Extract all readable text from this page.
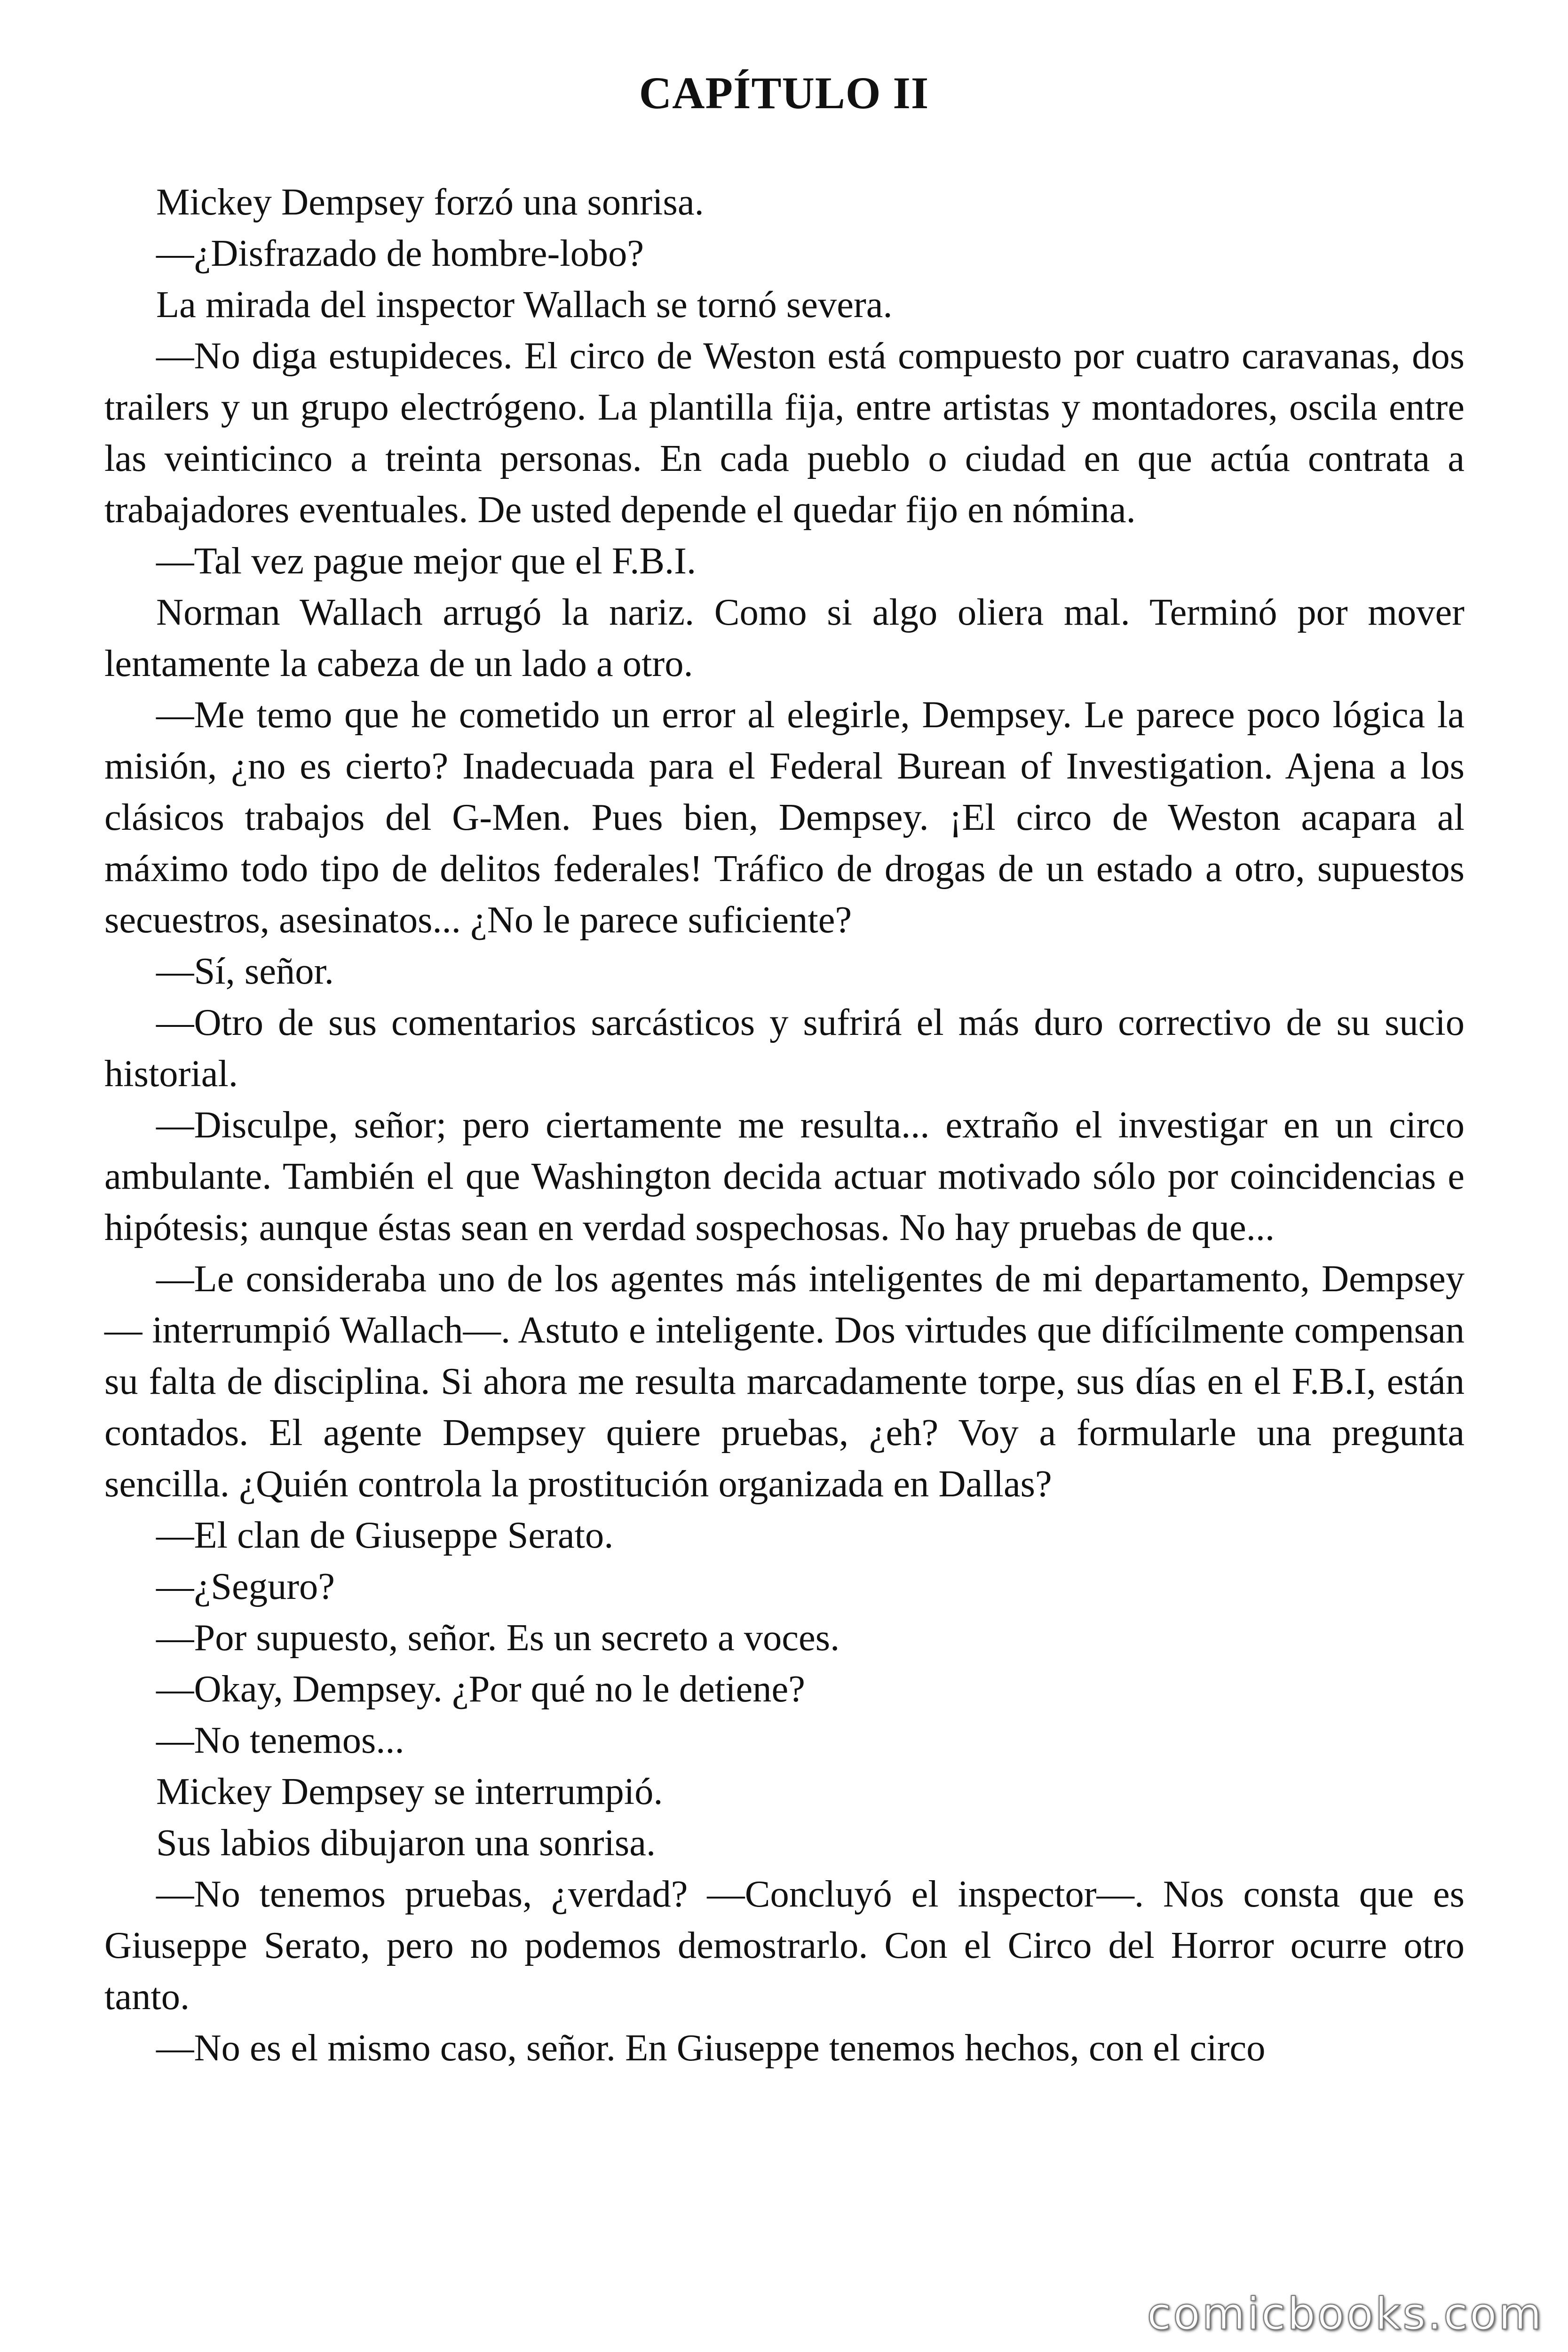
CAPÍTULO II

Mickey Dempsey forzó una sonrisa.

—¿Disfrazado de hombre-lobo?

La mirada del inspector Wallach se tornó severa.

—No diga estupideces. El circo de Weston está compuesto por cuatro caravanas, dos trailers y un grupo electrógeno. La plantilla fija, entre artistas y montadores, oscila entre las veinticinco a treinta personas. En cada pueblo o ciudad en que actúa contrata a trabajadores eventuales. De usted depende el quedar fijo en nómina.

—Tal vez pague mejor que el F.B.I.

Norman Wallach arrugó la nariz. Como si algo oliera mal. Terminó por mover lentamente la cabeza de un lado a otro.

—Me temo que he cometido un error al elegirle, Dempsey. Le parece poco lógica la misión, ¿no es cierto? Inadecuada para el Federal Burean of Investigation. Ajena a los clásicos trabajos del G-Men. Pues bien, Dempsey. ¡El circo de Weston acapara al máximo todo tipo de delitos federales! Tráfico de drogas de un estado a otro, supuestos secuestros, asesinatos... ¿No le parece suficiente?

—Sí, señor.

—Otro de sus comentarios sarcásticos y sufrirá el más duro correctivo de su sucio historial.

—Disculpe, señor; pero ciertamente me resulta... extraño el investigar en un circo ambulante. También el que Washington decida actuar motivado sólo por coincidencias e hipótesis; aunque éstas sean en verdad sospechosas. No hay pruebas de que...

—Le consideraba uno de los agentes más inteligentes de mi departamento, Dempsey — interrumpió Wallach—. Astuto e inteligente. Dos virtudes que difícilmente compensan su falta de disciplina. Si ahora me resulta marcadamente torpe, sus días en el F.B.I, están contados. El agente Dempsey quiere pruebas, ¿eh? Voy a formularle una pregunta sencilla. ¿Quién controla la prostitución organizada en Dallas?

—El clan de Giuseppe Serato.

—¿Seguro?

—Por supuesto, señor. Es un secreto a voces.

—Okay, Dempsey. ¿Por qué no le detiene?

—No tenemos...

Mickey Dempsey se interrumpió.

Sus labios dibujaron una sonrisa.

—No tenemos pruebas, ¿verdad? —Concluyó el inspector—. Nos consta que es Giuseppe Serato, pero no podemos demostrarlo. Con el Circo del Horror ocurre otro tanto.

—No es el mismo caso, señor. En Giuseppe tenemos hechos, con el circo

comicbooks.com
